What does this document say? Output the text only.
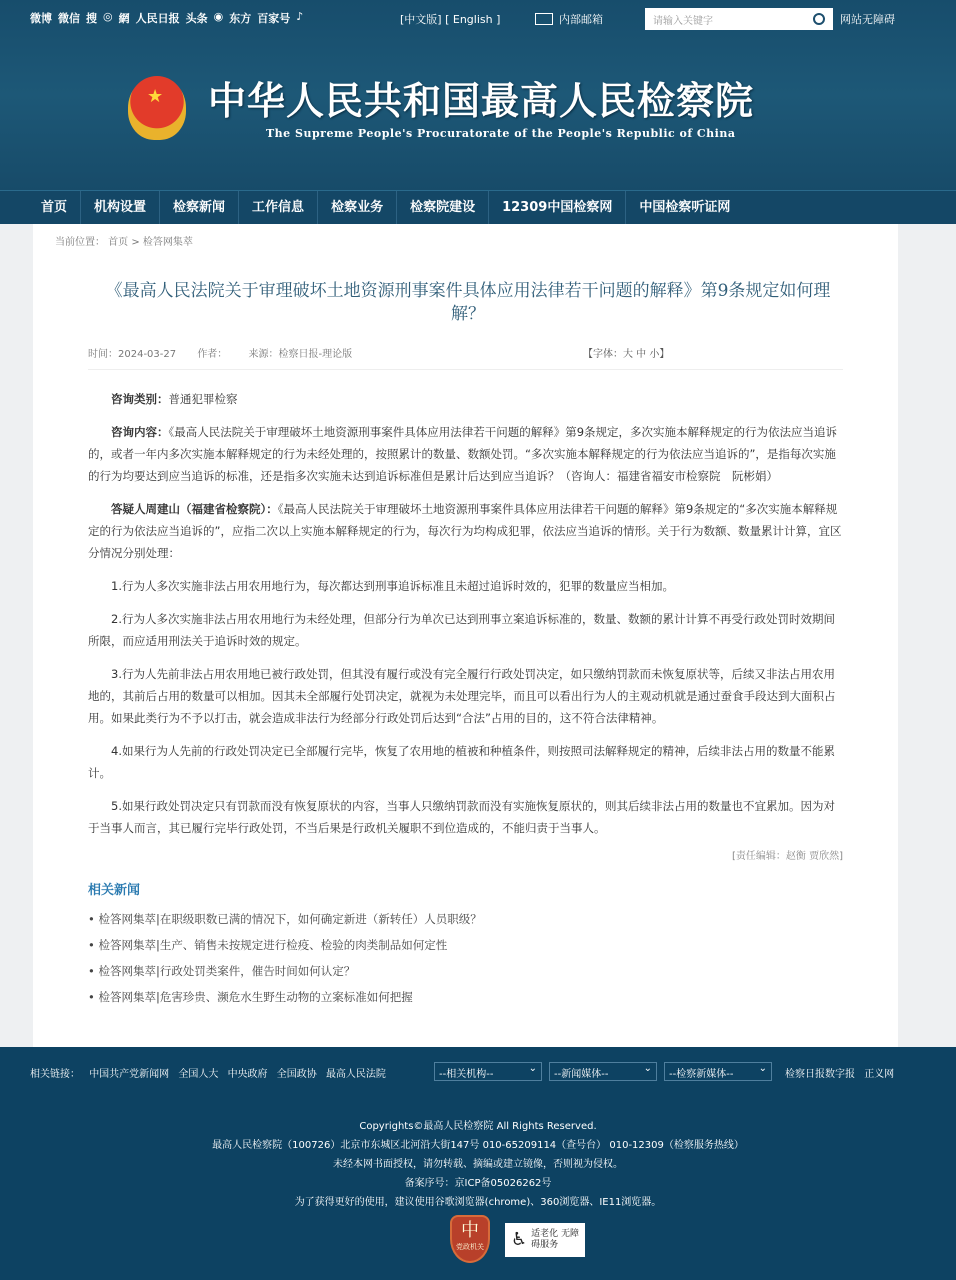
微博 微信 搜 ◎ 網 人民日报 头条 ◉ 东方 百家号 ♪	[中文版] [ English ]	内部邮箱	请输入关键字	网站无障碍
★
中华人民共和国最高人民检察院
The Supreme People's Procuratorate of the People's Republic of China
首页	机构设置	检察新闻	工作信息	检察业务	检察院建设	12309中国检察网	中国检察听证网
当前位置： 首页 > 检答网集萃
《最高人民法院关于审理破坏土地资源刑事案件具体应用法律若干问题的解释》第9条规定如何理解？
时间：2024-03-27 作者： 来源：检察日报-理论版	【字体：大 中 小】

咨询类别：普通犯罪检察

咨询内容：《最高人民法院关于审理破坏土地资源刑事案件具体应用法律若干问题的解释》第9条规定，多次实施本解释规定的行为依法应当追诉的，或者一年内多次实施本解释规定的行为未经处理的，按照累计的数量、数额处罚。“多次实施本解释规定的行为依法应当追诉的”，是指每次实施的行为均要达到应当追诉的标准，还是指多次实施未达到追诉标准但是累计后达到应当追诉？（咨询人：福建省福安市检察院　阮彬娟）

答疑人周建山（福建省检察院）：《最高人民法院关于审理破坏土地资源刑事案件具体应用法律若干问题的解释》第9条规定的“多次实施本解释规定的行为依法应当追诉的”，应指二次以上实施本解释规定的行为，每次行为均构成犯罪，依法应当追诉的情形。关于行为数额、数量累计计算，宜区分情况分别处理：

1.行为人多次实施非法占用农用地行为，每次都达到刑事追诉标准且未超过追诉时效的，犯罪的数量应当相加。

2.行为人多次实施非法占用农用地行为未经处理，但部分行为单次已达到刑事立案追诉标准的，数量、数额的累计计算不再受行政处罚时效期间所限，而应适用刑法关于追诉时效的规定。

3.行为人先前非法占用农用地已被行政处罚，但其没有履行或没有完全履行行政处罚决定，如只缴纳罚款而未恢复原状等，后续又非法占用农用地的，其前后占用的数量可以相加。因其未全部履行处罚决定，就视为未处理完毕，而且可以看出行为人的主观动机就是通过蚕食手段达到大面积占用。如果此类行为不予以打击，就会造成非法行为经部分行政处罚后达到“合法”占用的目的，这不符合法律精神。

4.如果行为人先前的行政处罚决定已全部履行完毕，恢复了农用地的植被和种植条件，则按照司法解释规定的精神，后续非法占用的数量不能累计。

5.如果行政处罚决定只有罚款而没有恢复原状的内容，当事人只缴纳罚款而没有实施恢复原状的，则其后续非法占用的数量也不宜累加。因为对于当事人而言，其已履行完毕行政处罚，不当后果是行政机关履职不到位造成的，不能归责于当事人。

[责任编辑：赵衡 贾欣然]
相关新闻
• 检答网集萃|在职级职数已满的情况下，如何确定新进（新转任）人员职级？
• 检答网集萃|生产、销售未按规定进行检疫、检验的肉类制品如何定性
• 检答网集萃|行政处罚类案件，催告时间如何认定？
• 检答网集萃|危害珍贵、濒危水生野生动物的立案标准如何把握
相关链接： 中国共产党新闻网 全国人大 中央政府 全国政协 最高人民法院	--相关机构-- ⌄	--新闻媒体-- ⌄	--检察新媒体-- ⌄	检察日报数字报 正义网
Copyrights©最高人民检察院 All Rights Reserved.
最高人民检察院（100726）北京市东城区北河沿大街147号 010-65209114（查号台） 010-12309（检察服务热线）
未经本网书面授权，请勿转载、摘编或建立镜像，否则视为侵权。
备案序号：京ICP备05026262号
为了获得更好的使用，建议使用谷歌浏览器(chrome)、360浏览器、IE11浏览器。
中
党政机关 ♿ 适老化 无障碍服务
